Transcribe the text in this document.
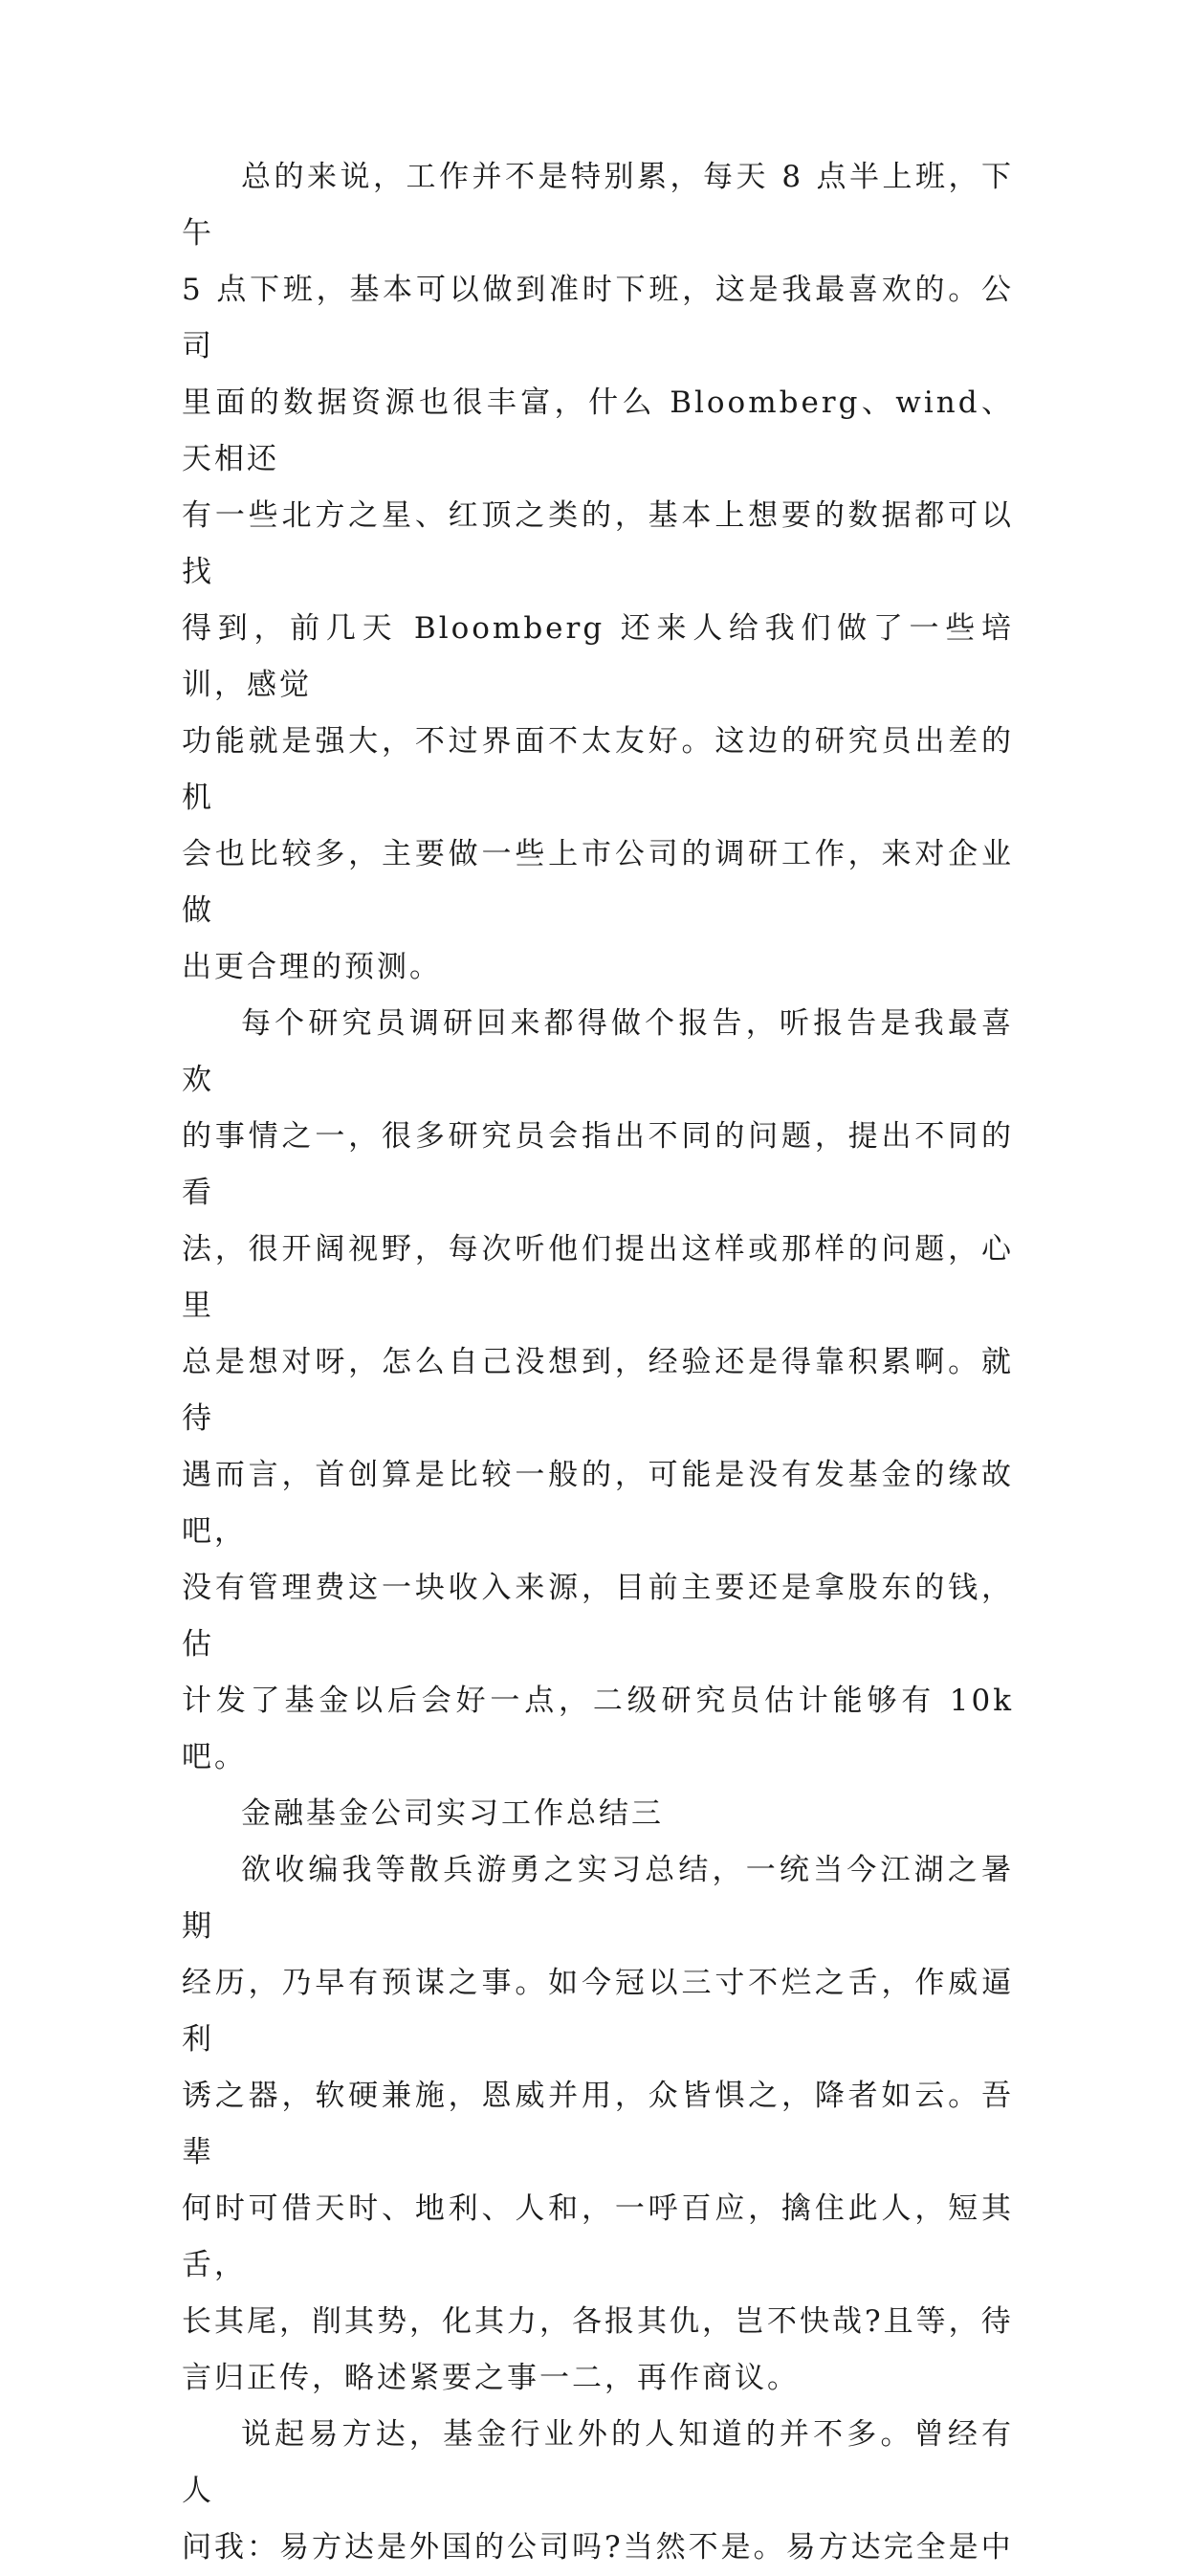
总的来说，工作并不是特别累，每天 8 点半上班，下午
5 点下班，基本可以做到准时下班，这是我最喜欢的。公司
里面的数据资源也很丰富，什么 Bloomberg、wind、天相还
有一些北方之星、红顶之类的，基本上想要的数据都可以找
得到，前几天 Bloomberg 还来人给我们做了一些培训，感觉
功能就是强大，不过界面不太友好。这边的研究员出差的机
会也比较多，主要做一些上市公司的调研工作，来对企业做
出更合理的预测。

每个研究员调研回来都得做个报告，听报告是我最喜欢
的事情之一，很多研究员会指出不同的问题，提出不同的看
法，很开阔视野，每次听他们提出这样或那样的问题，心里
总是想对呀，怎么自己没想到，经验还是得靠积累啊。就待
遇而言，首创算是比较一般的，可能是没有发基金的缘故吧，
没有管理费这一块收入来源，目前主要还是拿股东的钱，估
计发了基金以后会好一点，二级研究员估计能够有 10k 吧。

金融基金公司实习工作总结三

欲收编我等散兵游勇之实习总结，一统当今江湖之暑期
经历，乃早有预谋之事。如今冠以三寸不烂之舌，作威逼利
诱之器，软硬兼施，恩威并用，众皆惧之，降者如云。吾辈
何时可借天时、地利、人和，一呼百应，擒住此人，短其舌，
长其尾，削其势，化其力，各报其仇，岂不快哉?且等，待
言归正传，略述紧要之事一二，再作商议。

说起易方达，基金行业外的人知道的并不多。曾经有人
问我：易方达是外国的公司吗?当然不是。易方达完全是中
